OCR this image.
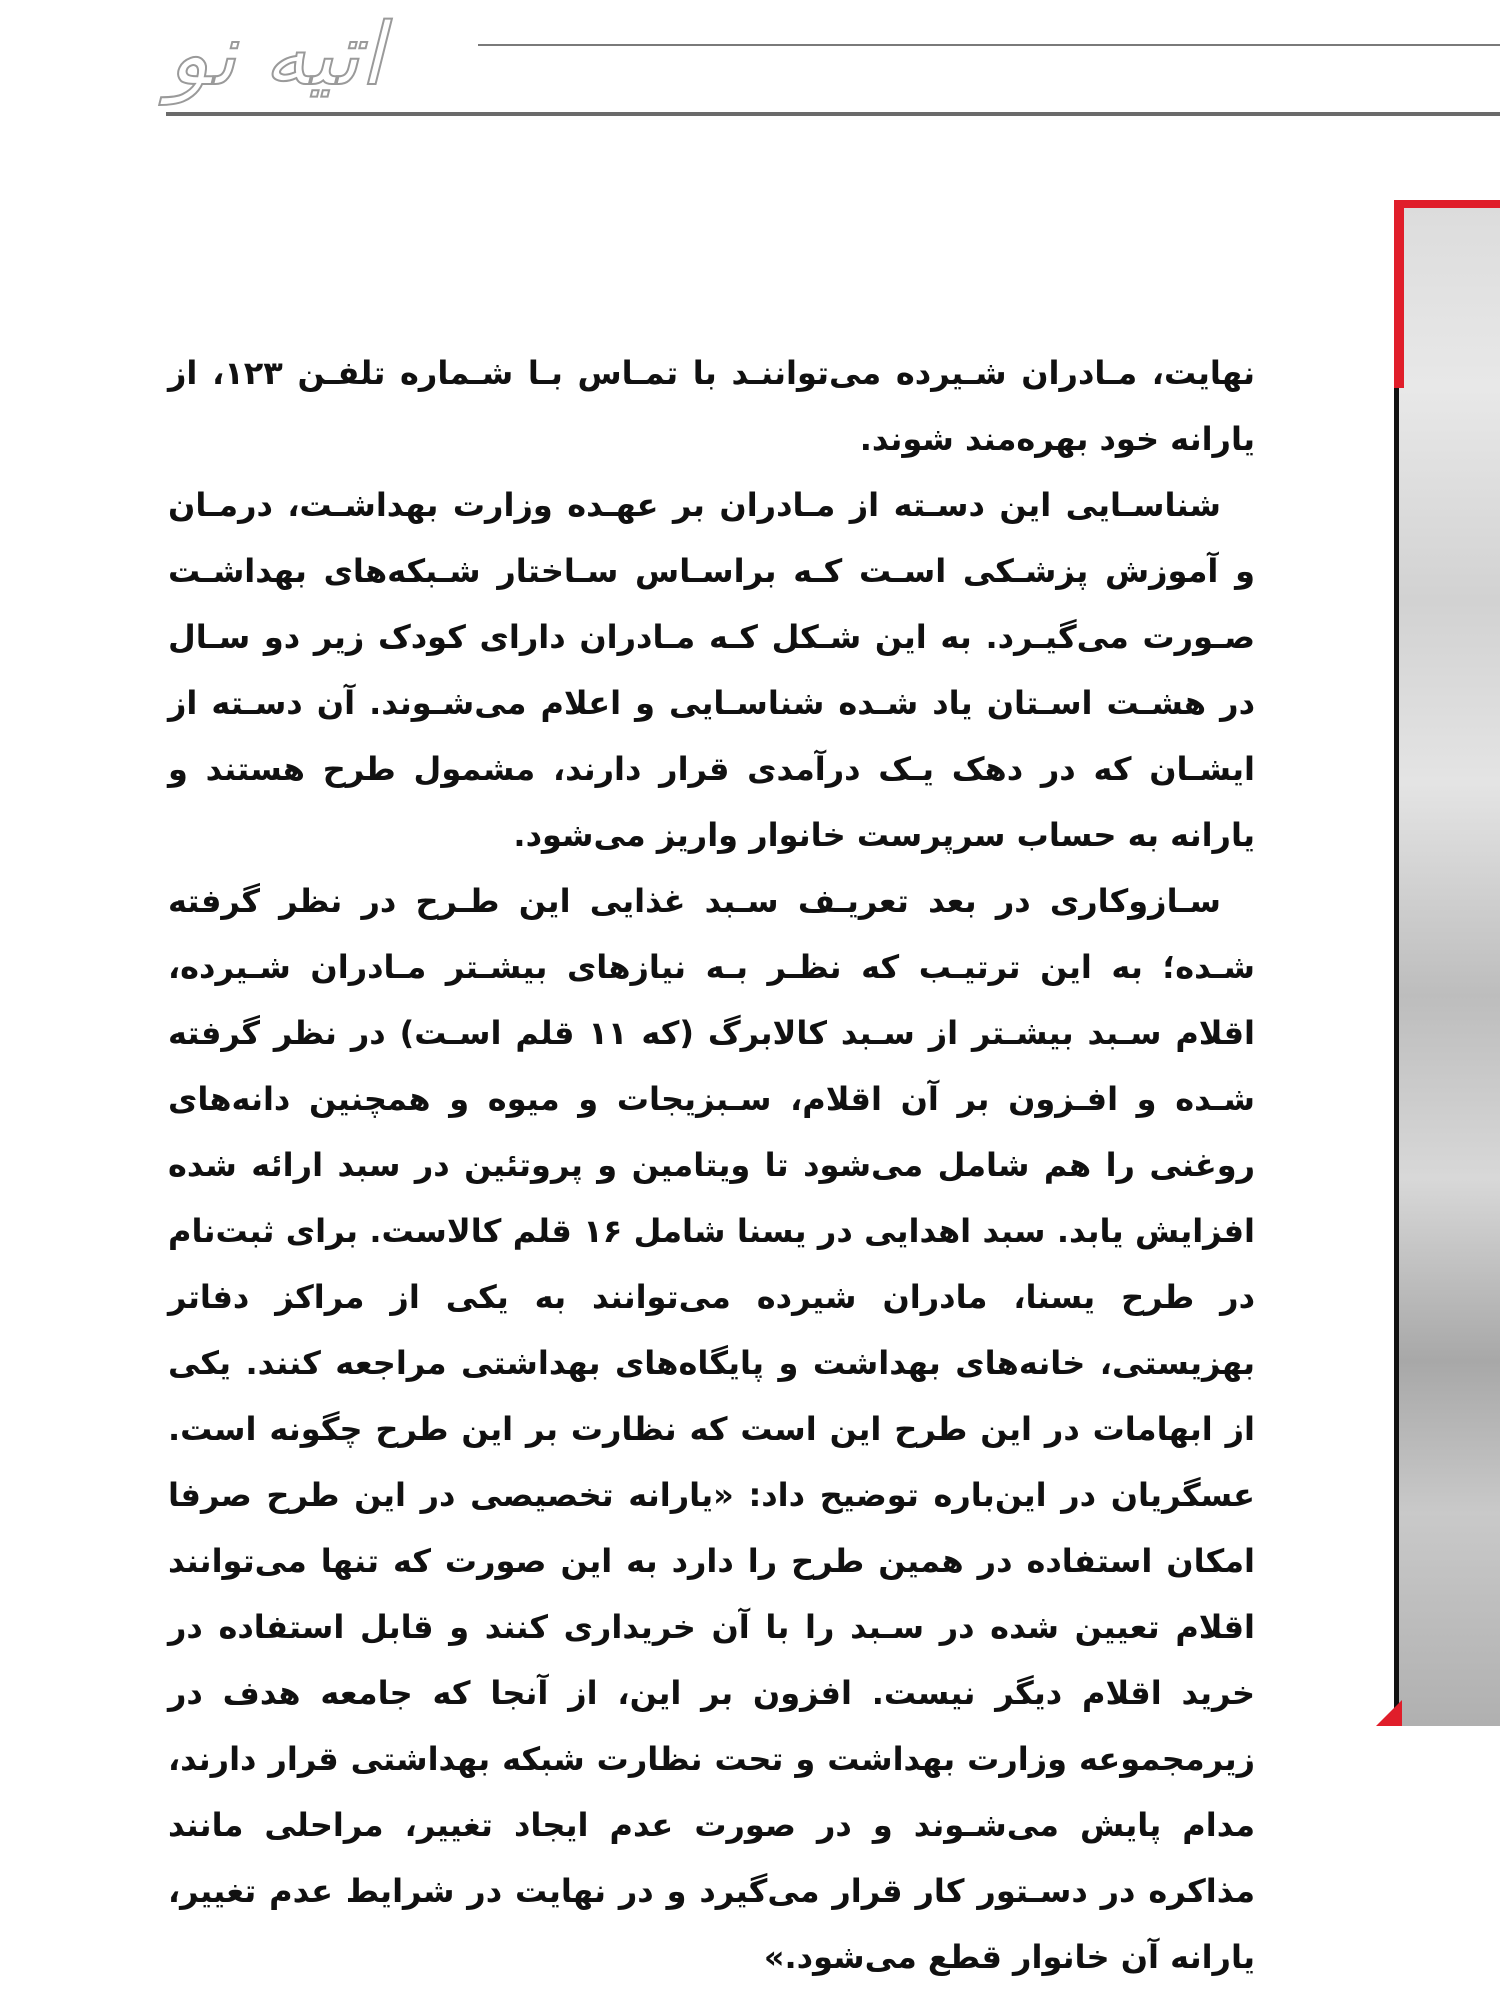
اتیه نو

نهایت، مـادران شـیرده می‌تواننـد با تمـاس بـا شـماره تلفـن ۱۲۳، از یارانه خود بهره‌مند شوند.

شناسـایی این دسـته از مـادران بر عهـده وزارت بهداشـت، درمـان و آموزش پزشـکی اسـت کـه براسـاس سـاختار شـبکه‌های بهداشـت صـورت می‌گیـرد. به این شـکل کـه مـادران دارای کودک زیر دو سـال در هشـت اسـتان یاد شـده شناسـایی و اعلام می‌شـوند. آن دسـته از ایشـان که در دهک یـک درآمدی قرار دارند، مشمول طرح هستند و یارانه به حساب سرپرست خانوار واریز می‌شود.

سـازوکاری در بعد تعریـف سـبد غذایی این طـرح در نظر گرفته شـده؛ به این ترتیـب که نظـر بـه نیازهای بیشـتر مـادران شـیرده، اقلام سـبد بیشـتر از سـبد کالابرگ (که ۱۱ قلم اسـت) در نظر گرفته شـده و افـزون بر آن اقلام، سـبزیجات و میوه و همچنین دانه‌های روغنی را هم شامل می‌شود تا ویتامین و پروتئین در سبد ارائه شده افزایش یابد. سبد اهدایی در یسنا شامل ۱۶ قلم کالاست. برای ثبت‌نام در طرح یسنا، مادران شیرده می‌توانند به یکی از مراکز دفاتر بهزیستی، خانه‌های بهداشت و پایگاه‌های بهداشتی مراجعه کنند. یکی از ابهامات در این طرح این است که نظارت بر این طرح چگونه است. عسگریان در این‌باره توضیح داد: «یارانه تخصیصی در این طرح صرفا امکان استفاده در همین طرح را دارد به این صورت که تنها می‌توانند اقلام تعیین شده در سـبد را با آن خریداری کنند و قابل استفاده در خرید اقلام دیگر نیست. افزون بر این، از آنجا که جامعه هدف در زیرمجموعه وزارت بهداشت و تحت نظارت شبکه بهداشتی قرار دارند، مدام پایش می‌شـوند و در صورت عدم ایجاد تغییر، مراحلی مانند مذاکره در دسـتور کار قرار می‌گیرد و در نهایت در شرایط عدم تغییر، یارانه آن خانوار قطع می‌شود.»
